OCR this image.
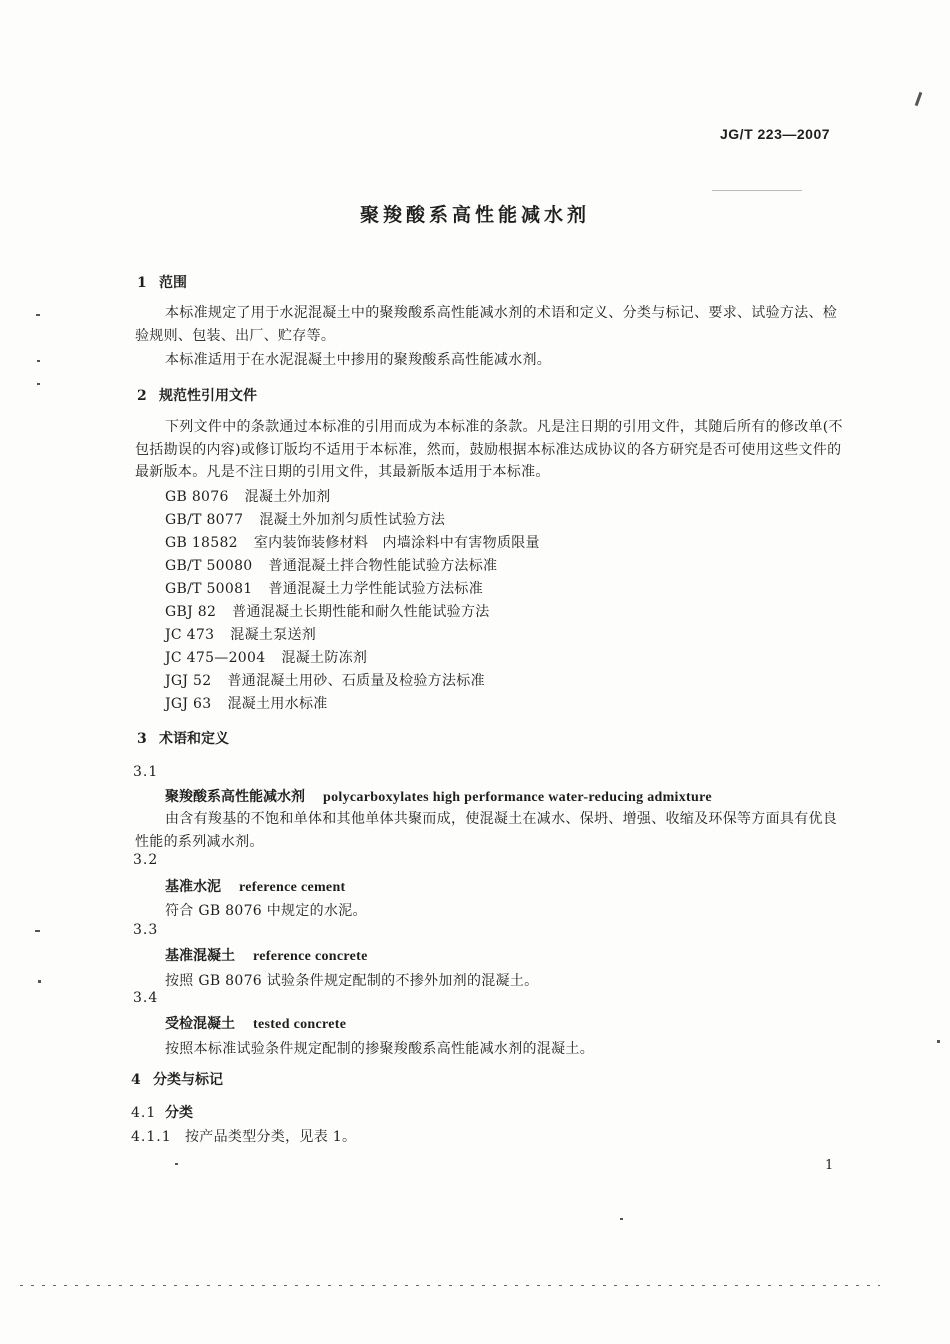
JG/T 223—2007
聚羧酸系高性能减水剂
1 范围
本标准规定了用于水泥混凝土中的聚羧酸系高性能减水剂的术语和定义、分类与标记、要求、试验方法、检验规则、包装、出厂、贮存等。
本标准适用于在水泥混凝土中掺用的聚羧酸系高性能减水剂。
2 规范性引用文件
下列文件中的条款通过本标准的引用而成为本标准的条款。凡是注日期的引用文件，其随后所有的修改单(不包括勘误的内容)或修订版均不适用于本标准，然而，鼓励根据本标准达成协议的各方研究是否可使用这些文件的最新版本。凡是不注日期的引用文件，其最新版本适用于本标准。
GB 8076 混凝土外加剂
GB/T 8077 混凝土外加剂匀质性试验方法
GB 18582 室内装饰装修材料　内墙涂料中有害物质限量
GB/T 50080 普通混凝土拌合物性能试验方法标准
GB/T 50081 普通混凝土力学性能试验方法标准
GBJ 82 普通混凝土长期性能和耐久性能试验方法
JC 473 混凝土泵送剂
JC 475—2004 混凝土防冻剂
JGJ 52 普通混凝土用砂、石质量及检验方法标准
JGJ 63 混凝土用水标准
3 术语和定义
3.1
聚羧酸系高性能减水剂 polycarboxylates high performance water-reducing admixture
由含有羧基的不饱和单体和其他单体共聚而成，使混凝土在减水、保坍、增强、收缩及环保等方面具有优良性能的系列减水剂。
3.2
基准水泥 reference cement
符合 GB 8076 中规定的水泥。
3.3
基准混凝土 reference concrete
按照 GB 8076 试验条件规定配制的不掺外加剂的混凝土。
3.4
受检混凝土 tested concrete
按照本标准试验条件规定配制的掺聚羧酸系高性能减水剂的混凝土。
4 分类与标记
4.1 分类
4.1.1 按产品类型分类，见表 1。
1
